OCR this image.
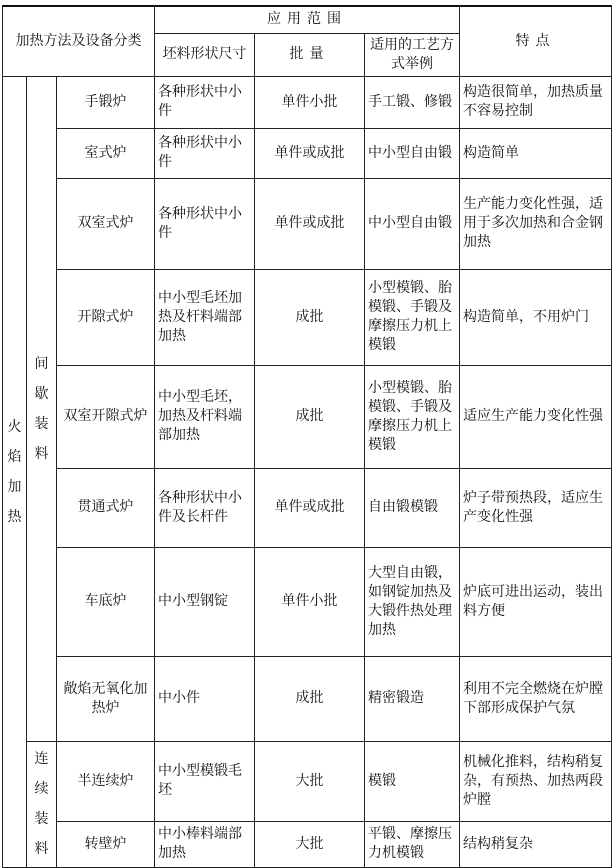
加热方法及设备分类			应用范围			特点
			坯料形状尺寸	批量	适用的工艺方式举例	

火
焰
加
热	间
歇
装
料	手锻炉	各种形状中小件	单件小批	手工锻、修锻	构造很简单，加热质量不容易控制
		室式炉	各种形状中小件	单件或成批	中小型自由锻	构造简单
		双室式炉	各种形状中小件	单件或成批	中小型自由锻	生产能力变化性强，适用于多次加热和合金钢加热
		开隙式炉	中小型毛坯加热及杆料端部加热	成批	小型模锻、胎模锻、手锻及摩擦压力机上模锻	构造简单，不用炉门
		双室开隙式炉	中小型毛坯，加热及杆料端部加热	成批	小型模锻、胎模锻、手锻及摩擦压力机上模锻	适应生产能力变化性强
		贯通式炉	各种形状中小件及长杆件	单件或成批	自由锻模锻	炉子带预热段，适应生产变化性强
		车底炉	中小型钢锭	单件小批	大型自由锻，如钢锭加热及大锻件热处理加热	炉底可进出运动，装出料方便
		敞焰无氧化加热炉	中小件	成批	精密锻造	利用不完全燃烧在炉膛下部形成保护气氛

	连
续
装
料	半连续炉	中小型模锻毛坯	大批	模锻	机械化推料，结构稍复杂，有预热、加热两段炉膛
		转壁炉	中小棒料端部加热	大批	平锻、摩擦压力机模锻	结构稍复杂
